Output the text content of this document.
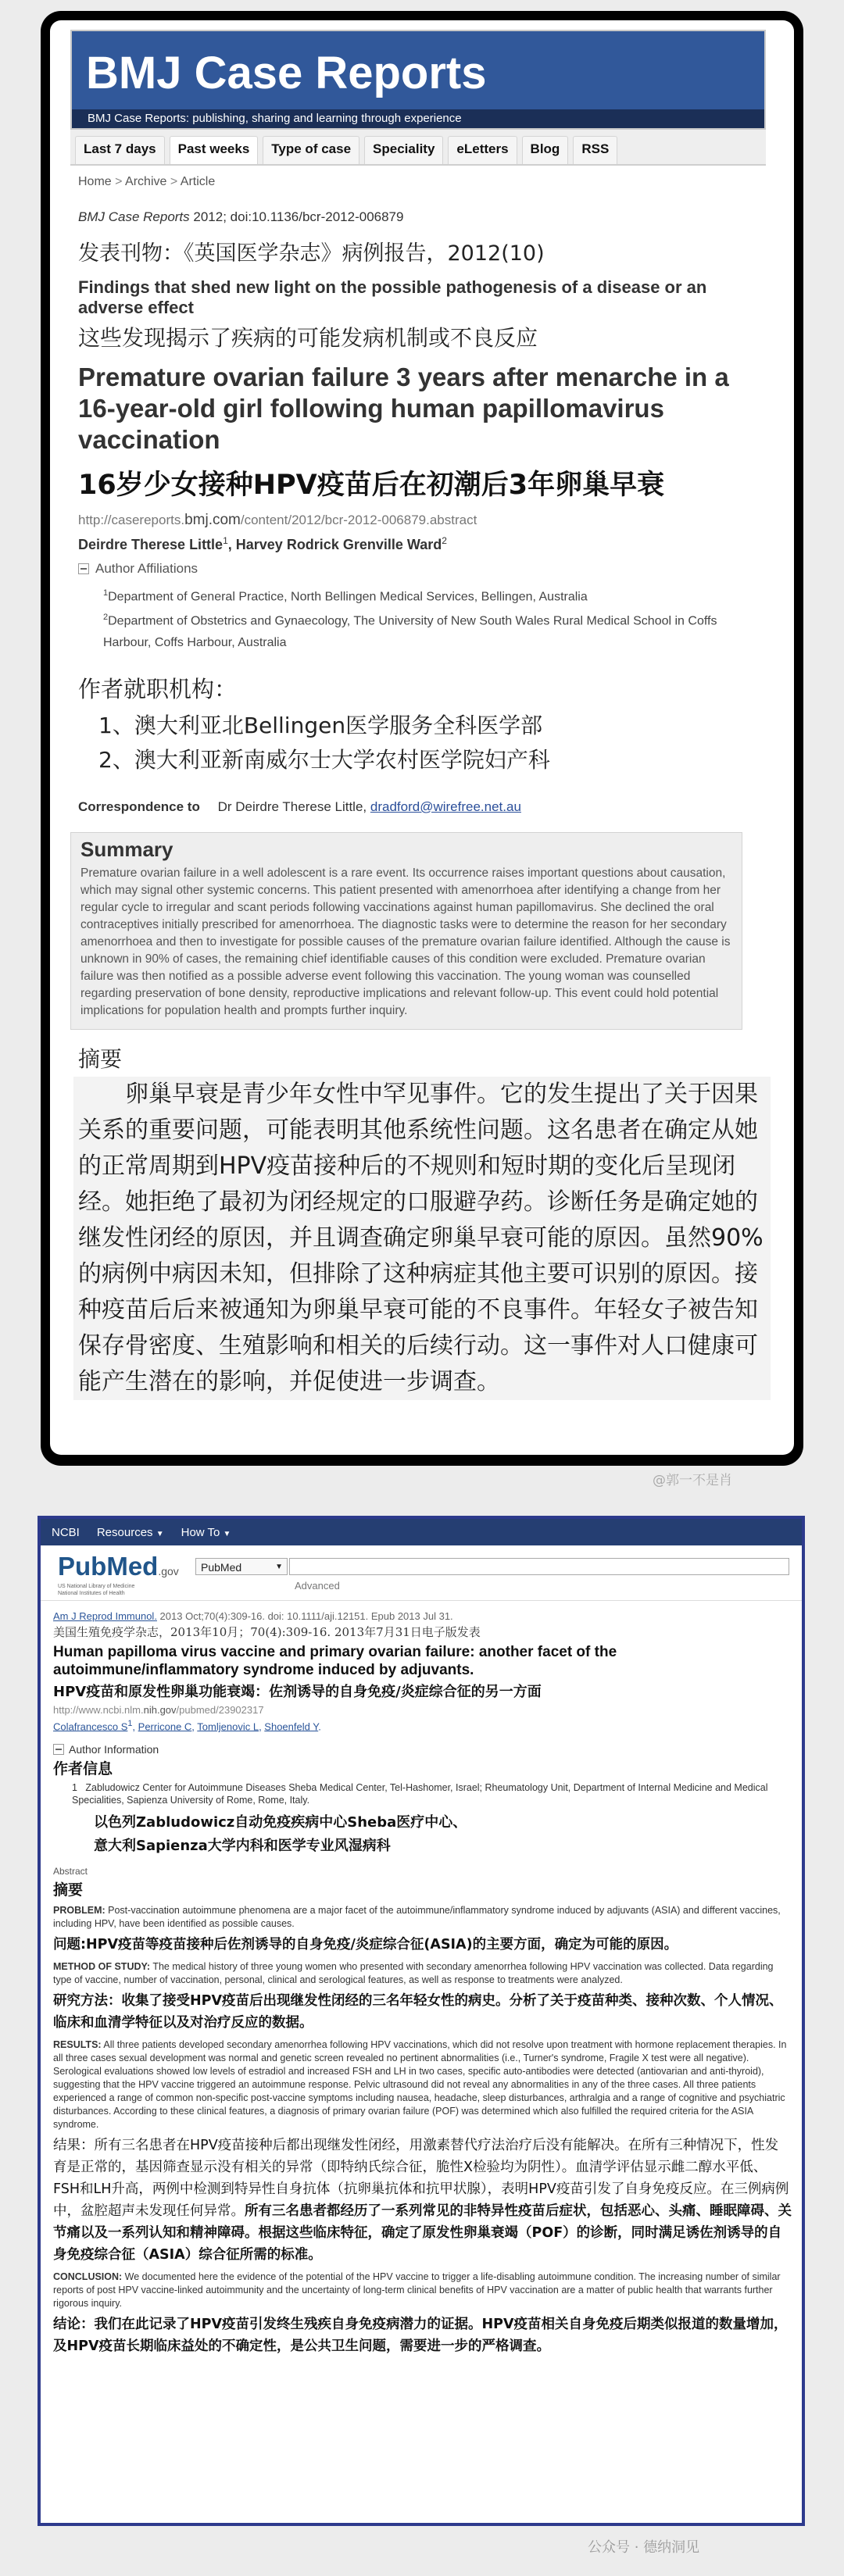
BMJ Case Reports
BMJ Case Reports: publishing, sharing and learning through experience
Last 7 days	Past weeks	Type of case	Speciality	eLetters	Blog	RSS
Home > Archive > Article
BMJ Case Reports 2012; doi:10.1136/bcr-2012-006879
发表刊物：《英国医学杂志》病例报告，2012(10)
Findings that shed new light on the possible pathogenesis of a disease or an adverse effect
这些发现揭示了疾病的可能发病机制或不良反应
Premature ovarian failure 3 years after menarche in a 16-year-old girl following human papillomavirus vaccination
16岁少女接种HPV疫苗后在初潮后3年卵巢早衰
http://casereports.bmj.com/content/2012/bcr-2012-006879.abstract
Deirdre Therese Little$^1$, Harvey Rodrick Grenville Ward$^2$
Author Affiliations
$^1$Department of General Practice, North Bellingen Medical Services, Bellingen, Australia
$^2$Department of Obstetrics and Gynaecology, The University of New South Wales Rural Medical School in Coffs Harbour, Coffs Harbour, Australia
作者就职机构：
1、澳大利亚北Bellingen医学服务全科医学部
2、澳大利亚新南威尔士大学农村医学院妇产科
Correspondence to Dr Deirdre Therese Little, dradford@wirefree.net.au
Summary
Premature ovarian failure in a well adolescent is a rare event. Its occurrence raises important questions about causation, which may signal other systemic concerns. This patient presented with amenorrhoea after identifying a change from her regular cycle to irregular and scant periods following vaccinations against human papillomavirus. She declined the oral contraceptives initially prescribed for amenorrhoea. The diagnostic tasks were to determine the reason for her secondary amenorrhoea and then to investigate for possible causes of the premature ovarian failure identified. Although the cause is unknown in 90% of cases, the remaining chief identifiable causes of this condition were excluded. Premature ovarian failure was then notified as a possible adverse event following this vaccination. The young woman was counselled regarding preservation of bone density, reproductive implications and relevant follow-up. This event could hold potential implications for population health and prompts further inquiry.
摘要
卵巢早衰是青少年女性中罕见事件。它的发生提出了关于因果关系的重要问题，可能表明其他系统性问题。这名患者在确定从她的正常周期到HPV疫苗接种后的不规则和短时期的变化后呈现闭经。她拒绝了最初为闭经规定的口服避孕药。诊断任务是确定她的继发性闭经的原因，并且调查确定卵巢早衰可能的原因。虽然90%的病例中病因未知，但排除了这种病症其他主要可识别的原因。接种疫苗后后来被通知为卵巢早衰可能的不良事件。年轻女子被告知保存骨密度、生殖影响和相关的后续行动。这一事件对人口健康可能产生潜在的影响，并促使进一步调查。
@郭一不是肖
NCBI Resources ▼ How To ▼
PubMed.gov
US National Library of Medicine
National Institutes of Health
PubMed	▼
Advanced
Am J Reprod Immunol. 2013 Oct;70(4):309-16. doi: 10.1111/aji.12151. Epub 2013 Jul 31.
美国生殖免疫学杂志，2013年10月；70(4):309-16. 2013年7月31日电子版发表
Human papilloma virus vaccine and primary ovarian failure: another facet of the autoimmune/inflammatory syndrome induced by adjuvants.
HPV疫苗和原发性卵巢功能衰竭：佐剂诱导的自身免疫/炎症综合征的另一方面
http://www.ncbi.nlm.nih.gov/pubmed/23902317
Colafrancesco $S^1$, Perricone C, Tomljenovic L, Shoenfeld Y.
Author Information
作者信息
1   Zabludowicz Center for Autoimmune Diseases Sheba Medical Center, Tel-Hashomer, Israel; Rheumatology Unit, Department of Internal Medicine and Medical Specialities, Sapienza University of Rome, Rome, Italy.
以色列Zabludowicz自动免疫疾病中心Sheba医疗中心、
意大利Sapienza大学内科和医学专业风湿病科
Abstract
摘要
PROBLEM: Post-vaccination autoimmune phenomena are a major facet of the autoimmune/inflammatory syndrome induced by adjuvants (ASIA) and different vaccines, including HPV, have been identified as possible causes.
问题:HPV疫苗等疫苗接种后佐剂诱导的自身免疫/炎症综合征(ASIA)的主要方面，确定为可能的原因。
METHOD OF STUDY: The medical history of three young women who presented with secondary amenorrhea following HPV vaccination was collected. Data regarding type of vaccine, number of vaccination, personal, clinical and serological features, as well as response to treatments were analyzed.
研究方法：收集了接受HPV疫苗后出现继发性闭经的三名年轻女性的病史。分析了关于疫苗种类、接种次数、个人情况、临床和血清学特征以及对治疗反应的数据。
RESULTS: All three patients developed secondary amenorrhea following HPV vaccinations, which did not resolve upon treatment with hormone replacement therapies. In all three cases sexual development was normal and genetic screen revealed no pertinent abnormalities (i.e., Turner's syndrome, Fragile X test were all negative). Serological evaluations showed low levels of estradiol and increased FSH and LH in two cases, specific auto-antibodies were detected (antiovarian and anti-thyroid), suggesting that the HPV vaccine triggered an autoimmune response. Pelvic ultrasound did not reveal any abnormalities in any of the three cases. All three patients experienced a range of common non-specific post-vaccine symptoms including nausea, headache, sleep disturbances, arthralgia and a range of cognitive and psychiatric disturbances. According to these clinical features, a diagnosis of primary ovarian failure (POF) was determined which also fulfilled the required criteria for the ASIA syndrome.
结果：所有三名患者在HPV疫苗接种后都出现继发性闭经，用激素替代疗法治疗后没有能解决。在所有三种情况下，性发育是正常的，基因筛查显示没有相关的异常（即特纳氏综合征，脆性X检验均为阴性）。血清学评估显示雌二醇水平低、FSH和LH升高，两例中检测到特异性自身抗体（抗卵巢抗体和抗甲状腺），表明HPV疫苗引发了自身免疫反应。在三例病例中，盆腔超声未发现任何异常。所有三名患者都经历了一系列常见的非特异性疫苗后症状，包括恶心、头痛、睡眠障碍、关节痛以及一系列认知和精神障碍。根据这些临床特征，确定了原发性卵巢衰竭（POF）的诊断，同时满足诱佐剂诱导的自身免疫综合征（ASIA）综合征所需的标准。
CONCLUSION: We documented here the evidence of the potential of the HPV vaccine to trigger a life-disabling autoimmune condition. The increasing number of similar reports of post HPV vaccine-linked autoimmunity and the uncertainty of long-term clinical benefits of HPV vaccination are a matter of public health that warrants further rigorous inquiry.
结论：我们在此记录了HPV疫苗引发终生残疾自身免疫病潜力的证据。HPV疫苗相关自身免疫后期类似报道的数量增加，及HPV疫苗长期临床益处的不确定性，是公共卫生问题，需要进一步的严格调查。
公众号 · 德纳洞见
